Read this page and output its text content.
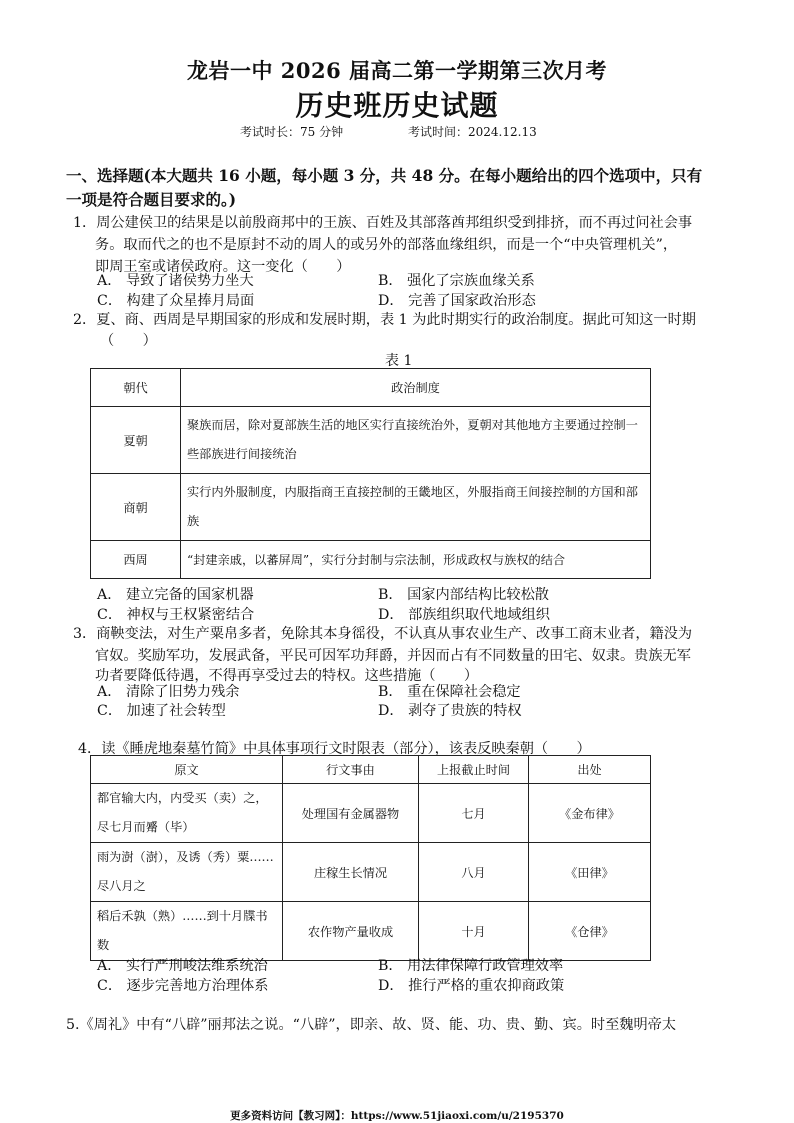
龙岩一中 2026 届高二第一学期第三次月考
历史班历史试题
考试时长：75 分钟	考试时间：2024.12.13
一、选择题(本大题共 16 小题，每小题 3 分，共 48 分。在每小题给出的四个选项中，只有
一项是符合题目要求的。)
1．周公建侯卫的结果是以前殷商邦中的王族、百姓及其部落酋邦组织受到排挤，而不再过问社会事
务。取而代之的也不是原封不动的周人的或另外的部落血缘组织，而是一个“中央管理机关”，
即周王室或诸侯政府。这一变化（　　）
A． 导致了诸侯势力坐大	B． 强化了宗族血缘关系
C． 构建了众星捧月局面	D． 完善了国家政治形态
2．夏、商、西周是早期国家的形成和发展时期，表 1 为此时期实行的政治制度。据此可知这一时期
（　　）
表 1
朝代	政治制度
夏朝	聚族而居，除对夏部族生活的地区实行直接统治外，夏朝对其他地方主要通过控制一些部族进行间接统治

商朝	实行内外服制度，内服指商王直接控制的王畿地区，外服指商王间接控制的方国和部族

西周	“封建亲戚，以蕃屏周”，实行分封制与宗法制，形成政权与族权的结合
A． 建立完备的国家机器	B． 国家内部结构比较松散
C． 神权与王权紧密结合	D． 部族组织取代地域组织
3．商鞅变法，对生产粟帛多者，免除其本身徭役，不认真从事农业生产、改事工商末业者，籍没为
官奴。奖励军功，发展武备，平民可因军功拜爵，并因而占有不同数量的田宅、奴隶。贵族无军
功者要降低待遇，不得再享受过去的特权。这些措施（　　）
A． 清除了旧势力残余	B． 重在保障社会稳定
C． 加速了社会转型	D． 剥夺了贵族的特权
4．读《睡虎地秦墓竹简》中具体事项行文时限表（部分），该表反映秦朝（　　）
原文	行文事由	上报截止时间	出处

都官输大内，内受买（卖）之，尽七月而觱（毕）	处理国有金属器物	七月	《金布律》

雨为澍（澍），及诱（秀）粟……尽八月之	庄稼生长情况	八月	《田律》

稻后禾孰（熟）……到十月牒书数	农作物产量收成	十月	《仓律》
A． 实行严刑峻法维系统治	B． 用法律保障行政管理效率
C． 逐步完善地方治理体系	D． 推行严格的重农抑商政策
5.《周礼》中有“八辟”丽邦法之说。“八辟”，即亲、故、贤、能、功、贵、勤、宾。时至魏明帝太
更多资料访问【教习网】：https://www.51jiaoxi.com/u/2195370
